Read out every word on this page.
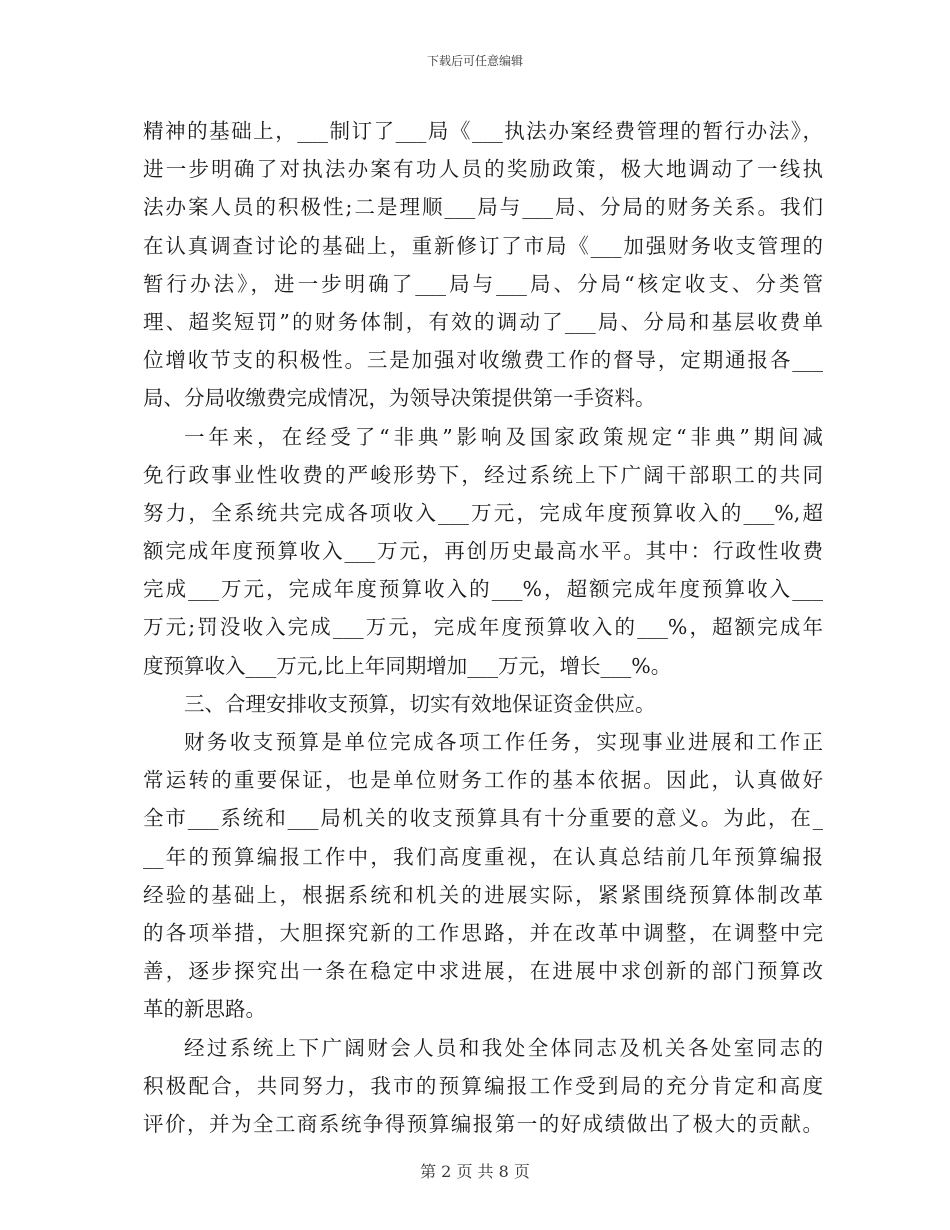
下载后可任意编辑
精神的基础上，___制订了___局《___执法办案经费管理的暂行办法》，
进一步明确了对执法办案有功人员的奖励政策，极大地调动了一线执
法办案人员的积极性;二是理顺___局与___局、分局的财务关系。我们
在认真调查讨论的基础上，重新修订了市局《___加强财务收支管理的
暂行办法》，进一步明确了___局与___局、分局“核定收支、分类管
理、超奖短罚”的财务体制，有效的调动了___局、分局和基层收费单
位增收节支的积极性。三是加强对收缴费工作的督导，定期通报各___
局、分局收缴费完成情况，为领导决策提供第一手资料。
一年来，在经受了“非典”影响及国家政策规定“非典”期间减
免行政事业性收费的严峻形势下，经过系统上下广阔干部职工的共同
努力，全系统共完成各项收入___万元，完成年度预算收入的___%,超
额完成年度预算收入___万元，再创历史最高水平。其中：行政性收费
完成___万元，完成年度预算收入的___%，超额完成年度预算收入___
万元;罚没收入完成___万元，完成年度预算收入的___%，超额完成年
度预算收入___万元,比上年同期增加___万元，增长___%。
三、合理安排收支预算，切实有效地保证资金供应。
财务收支预算是单位完成各项工作任务，实现事业进展和工作正
常运转的重要保证，也是单位财务工作的基本依据。因此，认真做好
全市___系统和___局机关的收支预算具有十分重要的意义。为此，在_
__年的预算编报工作中，我们高度重视，在认真总结前几年预算编报
经验的基础上，根据系统和机关的进展实际，紧紧围绕预算体制改革
的各项举措，大胆探究新的工作思路，并在改革中调整，在调整中完
善，逐步探究出一条在稳定中求进展，在进展中求创新的部门预算改
革的新思路。
经过系统上下广阔财会人员和我处全体同志及机关各处室同志的
积极配合，共同努力，我市的预算编报工作受到局的充分肯定和高度
评价，并为全工商系统争得预算编报第一的好成绩做出了极大的贡献。
第 2 页 共 8 页
